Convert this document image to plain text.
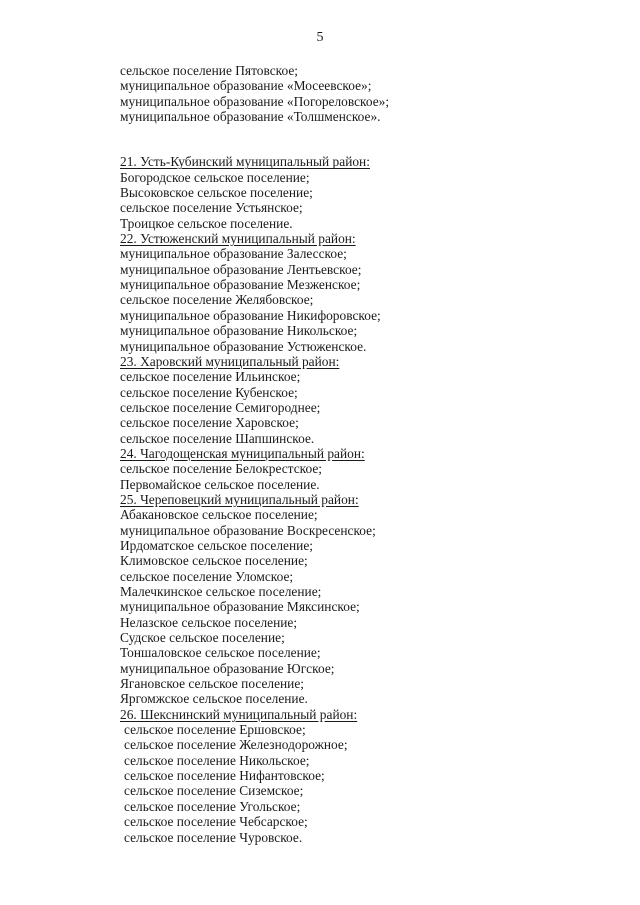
5
сельское поселение Пятовское;
муниципальное образование «Мосеевское»;
муниципальное образование «Погореловское»;
муниципальное образование «Толшменское».
21. Усть-Кубинский муниципальный район:
Богородское сельское поселение;
Высоковское сельское поселение;
сельское поселение Устьянское;
Троицкое сельское поселение.
22. Устюженский муниципальный район:
муниципальное образование Залесское;
муниципальное образование Лентьевское;
муниципальное образование Мезженское;
сельское поселение Желябовское;
муниципальное образование Никифоровское;
муниципальное образование Никольское;
муниципальное образование Устюженское.
23. Харовский муниципальный район:
сельское поселение Ильинское;
сельское поселение Кубенское;
сельское поселение Семигороднее;
сельское поселение Харовское;
сельское поселение Шапшинское.
24. Чагодощенская муниципальный район:
сельское поселение Белокрестское;
Первомайское сельское поселение.
25. Череповецкий муниципальный район:
Абакановское сельское поселение;
муниципальное образование Воскресенское;
Ирдоматское сельское поселение;
Климовское сельское поселение;
сельское поселение Уломское;
Малечкинское сельское поселение;
муниципальное образование Мяксинское;
Нелазское сельское поселение;
Судское сельское поселение;
Тоншаловское сельское поселение;
муниципальное образование Югское;
Ягановское сельское поселение;
Яргомжское сельское поселение.
26. Шекснинский муниципальный район:
сельское поселение Ершовское;
сельское поселение Железнодорожное;
сельское поселение Никольское;
сельское поселение Нифантовское;
сельское поселение Сиземское;
сельское поселение Угольское;
сельское поселение Чебсарское;
сельское поселение Чуровское.
